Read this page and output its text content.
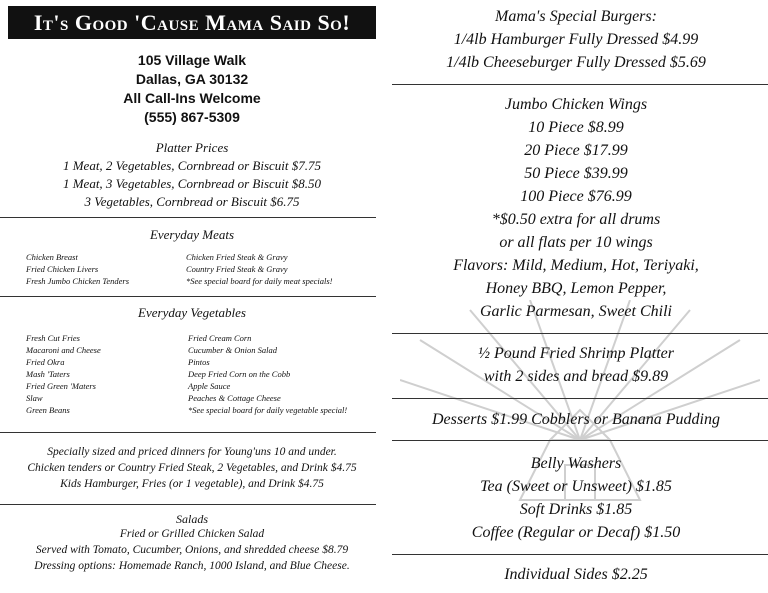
It's Good 'Cause Mama Said So!
105 Village Walk
Dallas, GA 30132
All Call-Ins Welcome
(555) 867-5309
Platter Prices
1 Meat, 2 Vegetables, Cornbread or Biscuit $7.75
1 Meat, 3 Vegetables, Cornbread or Biscuit $8.50
3 Vegetables, Cornbread or Biscuit $6.75
Everyday Meats
Chicken Breast
Fried Chicken Livers
Fresh Jumbo Chicken Tenders
Chicken Fried Steak & Gravy
Country Fried Steak & Gravy
*See special board for daily meat specials!
Everyday Vegetables
Fresh Cut Fries
Macaroni and Cheese
Fried Okra
Mash 'Taters
Fried Green 'Maters
Slaw
Green Beans
Fried Cream Corn
Cucumber & Onion Salad
Pintos
Deep Fried Corn on the Cobb
Apple Sauce
Peaches & Cottage Cheese
*See special board for daily vegetable special!
Specially sized and priced dinners for Young'uns 10 and under.
Chicken tenders or Country Fried Steak, 2 Vegetables, and Drink $4.75
Kids Hamburger, Fries (or 1 vegetable), and Drink $4.75
Salads
Fried or Grilled Chicken Salad
Served with Tomato, Cucumber, Onions, and shredded cheese $8.79
Dressing options: Homemade Ranch, 1000 Island, and Blue Cheese.
Mama's Special Burgers:
1/4lb Hamburger Fully Dressed $4.99
1/4lb Cheeseburger Fully Dressed $5.69
Jumbo Chicken Wings
10 Piece $8.99
20 Piece $17.99
50 Piece $39.99
100 Piece $76.99
*$0.50 extra for all drums
or all flats per 10 wings
Flavors: Mild, Medium, Hot, Teriyaki,
Honey BBQ, Lemon Pepper,
Garlic Parmesan, Sweet Chili
½ Pound Fried Shrimp Platter
with 2 sides and bread $9.89
Desserts $1.99 Cobblers or Banana Pudding
Belly Washers
Tea (Sweet or Unsweet) $1.85
Soft Drinks $1.85
Coffee (Regular or Decaf) $1.50
Individual Sides $2.25
